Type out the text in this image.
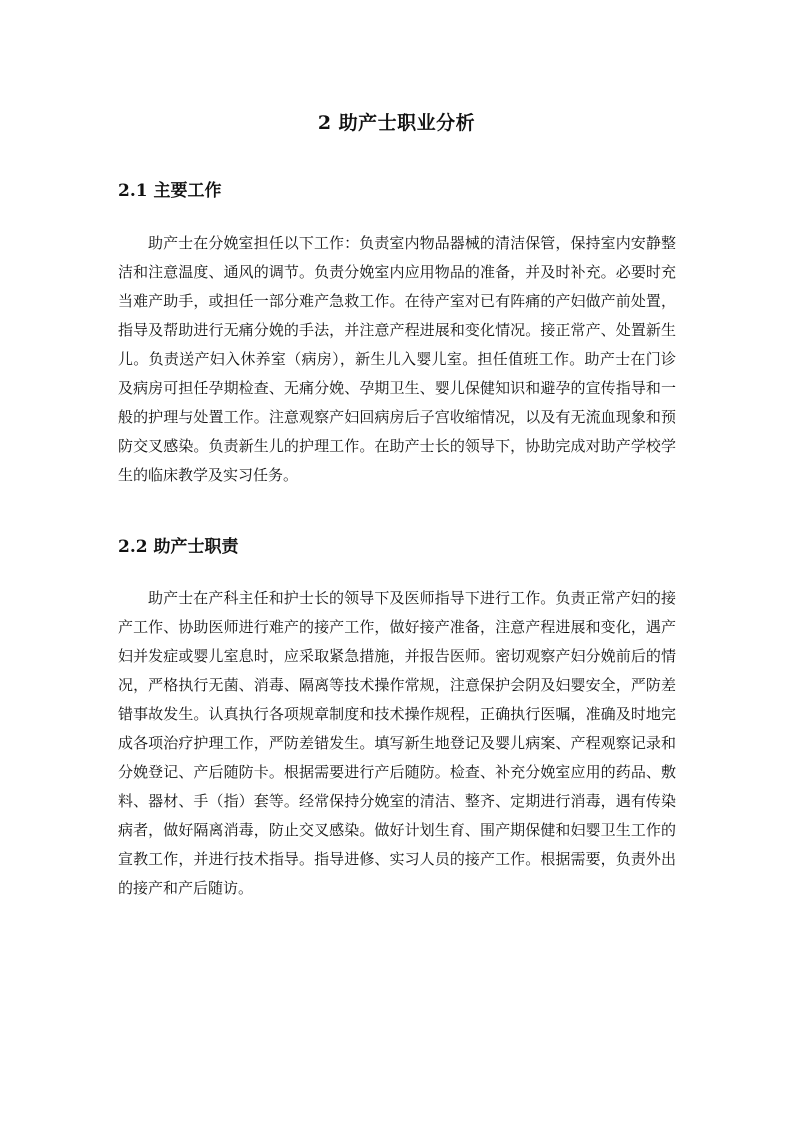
2 助产士职业分析
2.1 主要工作

助产士在分娩室担任以下工作：负责室内物品器械的清洁保管，保持室内安静整洁和注意温度、通风的调节。负责分娩室内应用物品的准备，并及时补充。必要时充当难产助手，或担任一部分难产急救工作。在待产室对已有阵痛的产妇做产前处置，指导及帮助进行无痛分娩的手法，并注意产程进展和变化情况。接正常产、处置新生儿。负责送产妇入休养室（病房），新生儿入婴儿室。担任值班工作。助产士在门诊及病房可担任孕期检查、无痛分娩、孕期卫生、婴儿保健知识和避孕的宣传指导和一般的护理与处置工作。注意观察产妇回病房后子宫收缩情况，以及有无流血现象和预防交叉感染。负责新生儿的护理工作。在助产士长的领导下，协助完成对助产学校学生的临床教学及实习任务。

2.2 助产士职责

助产士在产科主任和护士长的领导下及医师指导下进行工作。负责正常产妇的接产工作、协助医师进行难产的接产工作，做好接产准备，注意产程进展和变化，遇产妇并发症或婴儿室息时，应采取紧急措施，并报告医师。密切观察产妇分娩前后的情况，严格执行无菌、消毒、隔离等技术操作常规，注意保护会阴及妇婴安全，严防差错事故发生。认真执行各项规章制度和技术操作规程，正确执行医嘱，准确及时地完成各项治疗护理工作，严防差错发生。填写新生地登记及婴儿病案、产程观察记录和分娩登记、产后随防卡。根据需要进行产后随防。检查、补充分娩室应用的药品、敷料、器材、手（指）套等。经常保持分娩室的清洁、整齐、定期进行消毒，遇有传染病者，做好隔离消毒，防止交叉感染。做好计划生育、围产期保健和妇婴卫生工作的宣教工作，并进行技术指导。指导进修、实习人员的接产工作。根据需要，负责外出的接产和产后随访。
